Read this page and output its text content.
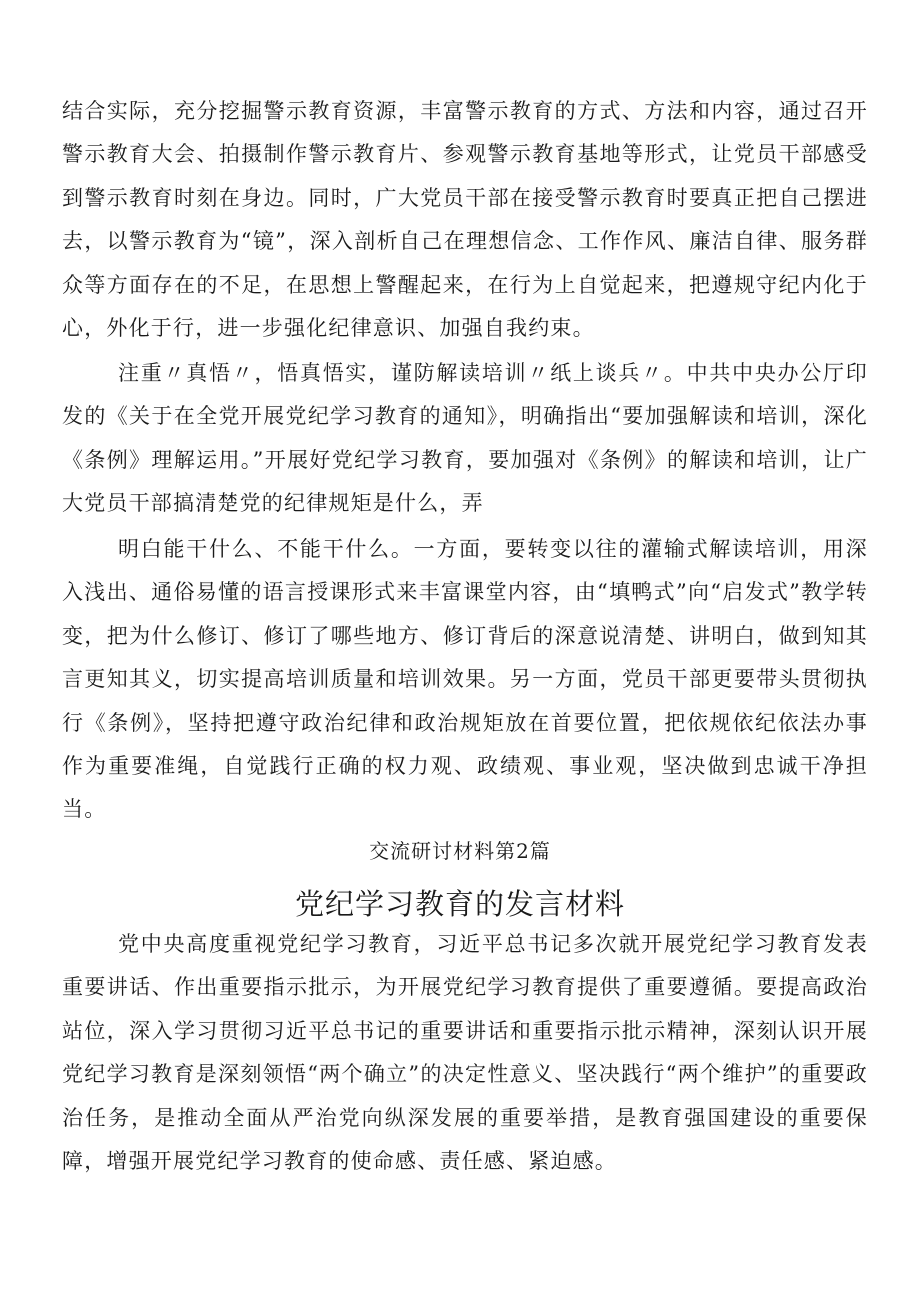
结合实际，充分挖掘警示教育资源，丰富警示教育的方式、方法和内容，通过召开警示教育大会、拍摄制作警示教育片、参观警示教育基地等形式，让党员干部感受到警示教育时刻在身边。同时，广大党员干部在接受警示教育时要真正把自己摆进去，以警示教育为“镜”，深入剖析自己在理想信念、工作作风、廉洁自律、服务群众等方面存在的不足，在思想上警醒起来，在行为上自觉起来，把遵规守纪内化于心，外化于行，进一步强化纪律意识、加强自我约束。

注重〃真悟〃，悟真悟实，谨防解读培训〃纸上谈兵〃。中共中央办公厅印发的《关于在全党开展党纪学习教育的通知》，明确指出“要加强解读和培训，深化《条例》理解运用。”开展好党纪学习教育，要加强对《条例》的解读和培训，让广大党员干部搞清楚党的纪律规矩是什么，弄

明白能干什么、不能干什么。一方面，要转变以往的灌输式解读培训，用深入浅出、通俗易懂的语言授课形式来丰富课堂内容，由“填鸭式”向“启发式”教学转变，把为什么修订、修订了哪些地方、修订背后的深意说清楚、讲明白，做到知其言更知其义，切实提高培训质量和培训效果。另一方面，党员干部更要带头贯彻执行《条例》，坚持把遵守政治纪律和政治规矩放在首要位置，把依规依纪依法办事作为重要准绳，自觉践行正确的权力观、政绩观、事业观，坚决做到忠诚干净担当。

交流研讨材料第2篇
党纪学习教育的发言材料

党中央高度重视党纪学习教育，习近平总书记多次就开展党纪学习教育发表重要讲话、作出重要指示批示，为开展党纪学习教育提供了重要遵循。要提高政治站位，深入学习贯彻习近平总书记的重要讲话和重要指示批示精神，深刻认识开展党纪学习教育是深刻领悟“两个确立”的决定性意义、坚决践行“两个维护”的重要政治任务，是推动全面从严治党向纵深发展的重要举措，是教育强国建设的重要保障，增强开展党纪学习教育的使命感、责任感、紧迫感。
